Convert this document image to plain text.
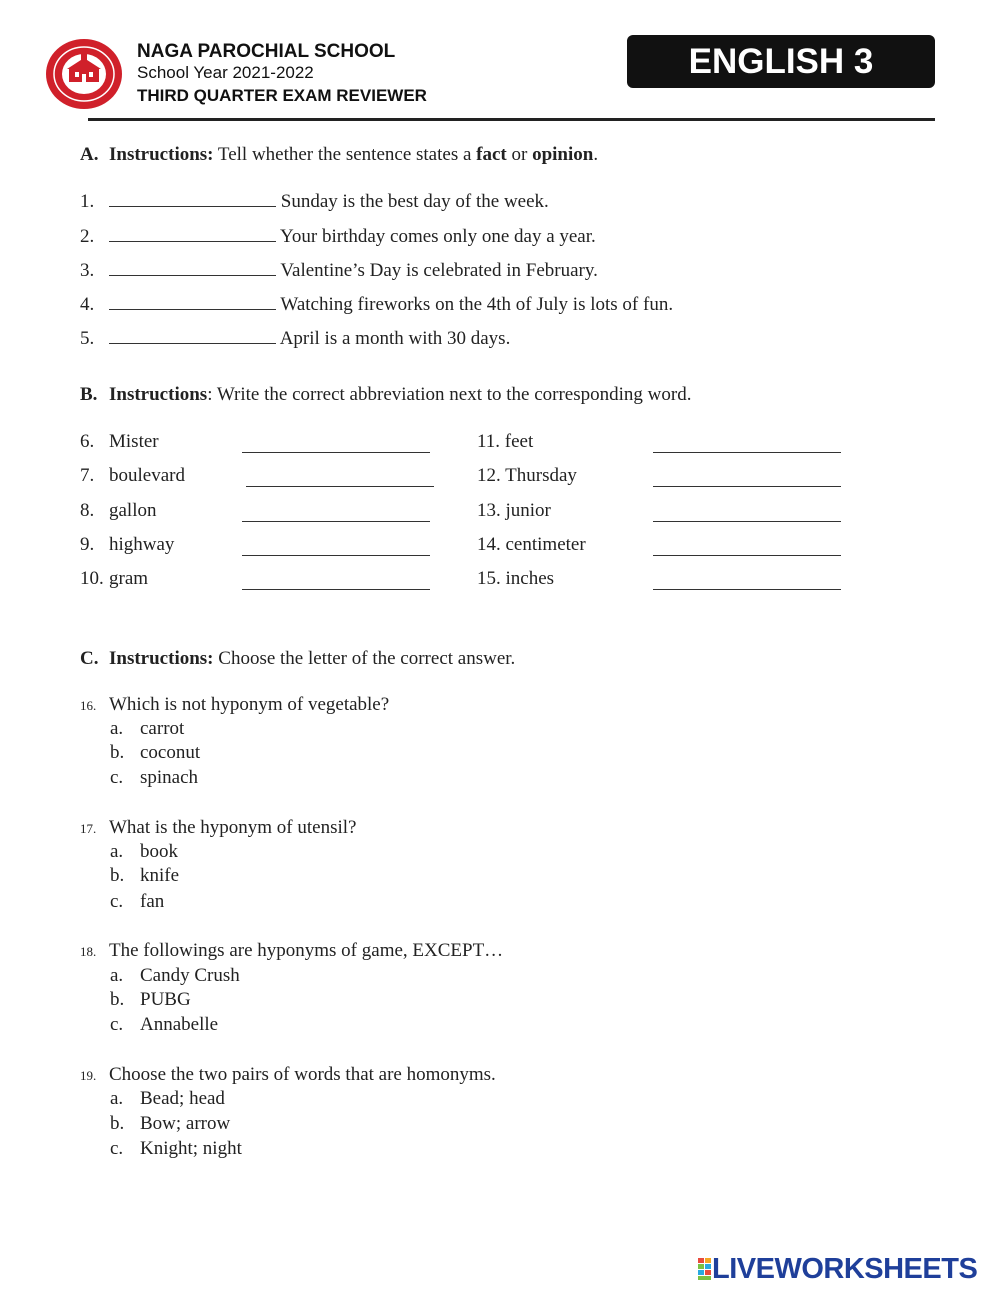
NAGA PAROCHIAL SCHOOL
School Year 2021-2022
THIRD QUARTER EXAM REVIEWER
ENGLISH 3
A. Instructions: Tell whether the sentence states a fact or opinion.
1.	Sunday is the best day of the week.
2.	Your birthday comes only one day a year.
3.	Valentine’s Day is celebrated in February.
4.	Watching fireworks on the 4th of July is lots of fun.
5.	April is a month with 30 days.
B. Instructions: Write the correct abbreviation next to the corresponding word.
6. Mister
7. boulevard
8. gallon
9. highway
10. gram
11. feet
12. Thursday
13. junior
14. centimeter
15. inches
C. Instructions: Choose the letter of the correct answer.
16. Which is not hyponym of vegetable?
a. carrot
b. coconut
c. spinach
17. What is the hyponym of utensil?
a. book
b. knife
c. fan
18. The followings are hyponyms of game, EXCEPT…
a. Candy Crush
b. PUBG
c. Annabelle
19. Choose the two pairs of words that are homonyms.
a. Bead; head
b. Bow; arrow
c. Knight; night
LIVEWORKSHEETS
